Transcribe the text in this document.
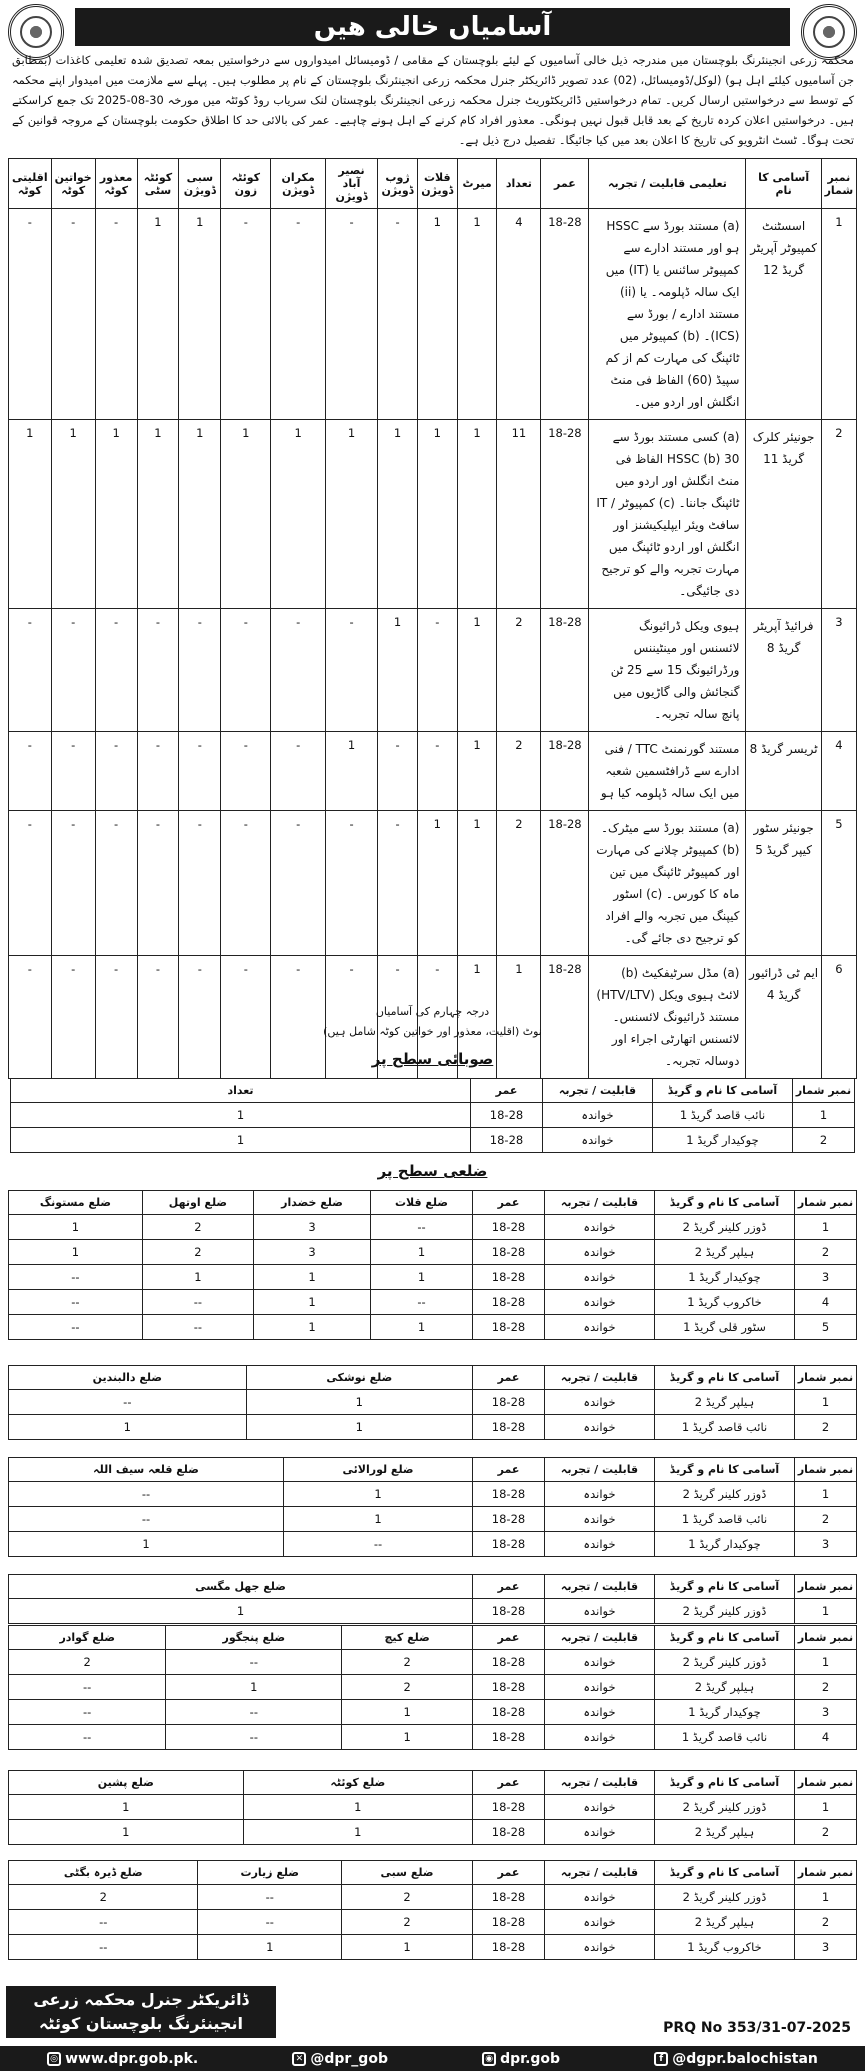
آسامیاں خالی ھیں
محکمہ زرعی انجینئرنگ بلوچستان میں مندرجہ ذیل خالی آسامیوں کے لیئے بلوچستان کے مقامی / ڈومیسائل امیدواروں سے درخواستیں بمعہ تصدیق شدہ تعلیمی کاغذات (بمطابق جن آسامیوں کیلئے اہل ہو) (لوکل/ڈومیسائل، (02) عدد تصویر ڈائریکٹر جنرل محکمہ زرعی انجینئرنگ بلوچستان کے نام پر مطلوب ہیں۔ پہلے سے ملازمت میں امیدوار اپنے محکمہ کے توسط سے درخواستیں ارسال کریں۔ تمام درخواستیں ڈائریکٹوریٹ جنرل محکمہ زرعی انجینئرنگ بلوچستان لنک سریاب روڈ کوئٹہ میں مورخہ 30-08-2025 تک جمع کراسکتے ہیں۔ درخواستیں اعلان کردہ تاریخ کے بعد قابل قبول نہیں ہونگی۔ معذور افراد کام کرنے کے اہل ہونے چاہیے۔ عمر کی بالائی حد کا اطلاق حکومت بلوچستان کے مروجہ قوانین کے تحت ہوگا۔ ٹسٹ انٹرویو کی تاریخ کا اعلان بعد میں کیا جائیگا۔ تفصیل درج ذیل ہے۔
نمبر شمار	آسامی کا نام	تعلیمی قابلیت / تجربہ	عمر	تعداد	میرٹ	قلات ڈویژن	ژوب ڈویژن	نصیر آباد ڈویژن	مکران ڈویژن	کوئٹہ زون	سبی ڈویژن	کوئٹہ سٹی	معذور کوٹہ	خواتین کوٹہ	اقلیتی کوٹہ
1	اسسٹنٹ کمپیوٹر آپریٹر گریڈ 12	(a) مستند بورڈ سے HSSC ہو اور مستند ادارے سے کمپیوٹر سائنس یا (IT) میں ایک سالہ ڈپلومہ۔ یا (ii) مستند ادارے / بورڈ سے (ICS)۔ (b) کمپیوٹر میں ٹائپنگ کی مہارت کم از کم سپیڈ (60) الفاظ فی منٹ انگلش اور اردو میں۔	18-28	4	1	1	-	-	-	-	1	1	-	-	-
2	جونیئر کلرک گریڈ 11	(a) کسی مستند بورڈ سے HSSC (b) 30 الفاظ فی منٹ انگلش اور اردو میں ٹائپنگ جاننا۔ (c) کمپیوٹر / IT سافٹ ویئر ایپلیکیشنز اور انگلش اور اردو ٹائپنگ میں مہارت تجربہ والے کو ترجیح دی جائیگی۔	18-28	11	1	1	1	1	1	1	1	1	1	1	1
3	فرائیڈ آپریٹر گریڈ 8	ہیوی ویکل ڈرائیونگ لائسنس اور مینٹیننس ورڈرائیونگ 15 سے 25 ٹن گنجائش والی گاڑیوں میں پانچ سالہ تجربہ۔	18-28	2	1	-	1	-	-	-	-	-	-	-	-
4	ٹریسر گریڈ 8	مستند گورنمنٹ TTC / فنی ادارے سے ڈرافٹسمین شعبہ میں ایک سالہ ڈپلومہ کیا ہو	18-28	2	1	-	-	1	-	-	-	-	-	-	-
5	جونیئر سٹور کیپر گریڈ 5	(a) مستند بورڈ سے میٹرک۔ (b) کمپیوٹر چلانے کی مہارت اور کمپیوٹر ٹائپنگ میں تین ماہ کا کورس۔ (c) اسٹور کیپنگ میں تجربہ والے افراد کو ترجیح دی جائے گی۔	18-28	2	1	1	-	-	-	-	-	-	-	-	-
6	ایم ٹی ڈرائیور گریڈ 4	(a) مڈل سرٹیفکیٹ (b) لائٹ ہیوی ویکل (HTV/LTV) مستند ڈرائیونگ لائسنس۔ لائسنس اتھارٹی اجراء اور دوسالہ تجربہ۔	18-28	1	1	-	-	-	-	-	-	-	-	-	-
درجہ چہارم کی آسامیاں
نوٹ (اقلیت، معذور اور خواتین کوٹہ شامل ہیں)
صوبائی سطح پر
نمبر شمار	آسامی کا نام و گریڈ	قابلیت / تجربہ	عمر	تعداد
1	نائب قاصد گریڈ 1	خواندہ	18-28	1
2	چوکیدار گریڈ 1	خواندہ	18-28	1
ضلعی سطح پر
نمبر شمار	آسامی کا نام و گریڈ	قابلیت / تجربہ	عمر	ضلع قلات	ضلع خضدار	ضلع اوتھل	ضلع مستونگ
1	ڈوزر کلینر گریڈ 2	خواندہ	18-28	--	3	2	1
2	ہیلپر گریڈ 2	خواندہ	18-28	1	3	2	1
3	چوکیدار گریڈ 1	خواندہ	18-28	1	1	1	--
4	خاکروب گریڈ 1	خواندہ	18-28	--	1	--	--
5	سٹور قلی گریڈ 1	خواندہ	18-28	1	1	--	--
نمبر شمار	آسامی کا نام و گریڈ	قابلیت / تجربہ	عمر	ضلع نوشکی	ضلع دالبندین
1	ہیلپر گریڈ 2	خواندہ	18-28	1	--
2	نائب قاصد گریڈ 1	خواندہ	18-28	1	1
نمبر شمار	آسامی کا نام و گریڈ	قابلیت / تجربہ	عمر	ضلع لورالائی	ضلع قلعہ سیف اللہ
1	ڈوزر کلینر گریڈ 2	خواندہ	18-28	1	--
2	نائب قاصد گریڈ 1	خواندہ	18-28	1	--
3	چوکیدار گریڈ 1	خواندہ	18-28	--	1
نمبر شمار	آسامی کا نام و گریڈ	قابلیت / تجربہ	عمر	ضلع جھل مگسی
1	ڈوزر کلینر گریڈ 2	خواندہ	18-28	1
نمبر شمار	آسامی کا نام و گریڈ	قابلیت / تجربہ	عمر	ضلع کیچ	ضلع پنجگور	ضلع گوادر
1	ڈوزر کلینر گریڈ 2	خواندہ	18-28	2	--	2
2	ہیلپر گریڈ 2	خواندہ	18-28	2	1	--
3	چوکیدار گریڈ 1	خواندہ	18-28	1	--	--
4	نائب قاصد گریڈ 1	خواندہ	18-28	1	--	--
نمبر شمار	آسامی کا نام و گریڈ	قابلیت / تجربہ	عمر	ضلع کوئٹہ	ضلع پشین
1	ڈوزر کلینر گریڈ 2	خواندہ	18-28	1	1
2	ہیلپر گریڈ 2	خواندہ	18-28	1	1
نمبر شمار	آسامی کا نام و گریڈ	قابلیت / تجربہ	عمر	ضلع سبی	ضلع زیارت	ضلع ڈیرہ بگٹی
1	ڈوزر کلینر گریڈ 2	خواندہ	18-28	2	--	2
2	ہیلپر گریڈ 2	خواندہ	18-28	2	--	--
3	خاکروب گریڈ 1	خواندہ	18-28	1	1	--
ڈائریکٹر جنرل محکمہ زرعی
انجینئرنگ بلوچستان کوئٹہ	PRQ No 353/31-07-2025
◎ www.dpr.gob.pk.	✕ @dpr_gob	◉ dpr.gob	f @dgpr.balochistan
